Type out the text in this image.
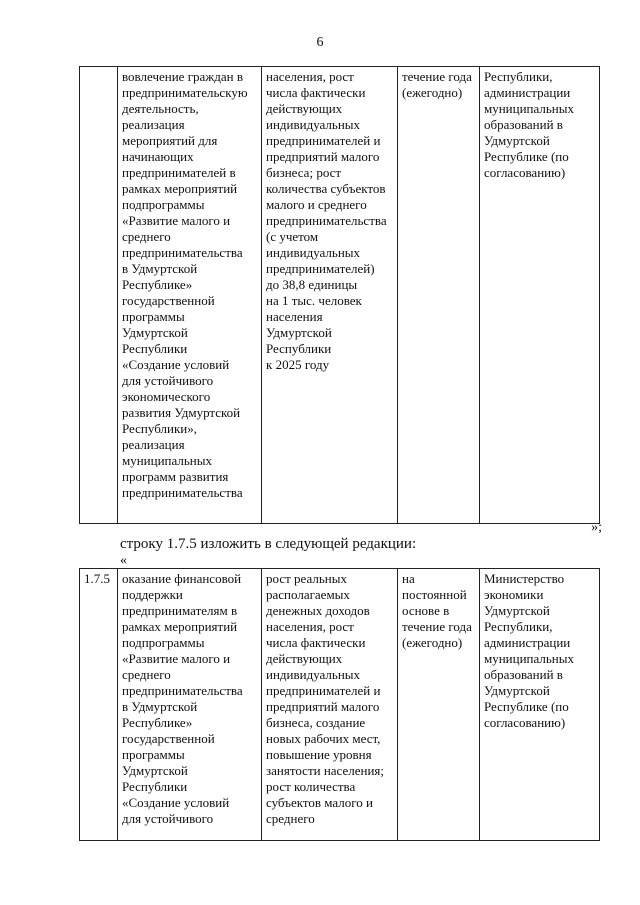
6
	вовлечение граждан в
предпринимательскую
деятельность,
реализация
мероприятий для
начинающих
предпринимателей в
рамках мероприятий
подпрограммы
«Развитие малого и
среднего
предпринимательства
в Удмуртской
Республике»
государственной
программы
Удмуртской
Республики
«Создание условий
для устойчивого
экономического
развития Удмуртской
Республики»,
реализация
муниципальных
программ развития
предпринимательства	населения, рост
числа фактически
действующих
индивидуальных
предпринимателей и
предприятий малого
бизнеса; рост
количества субъектов
малого и среднего
предпринимательства
(с учетом
индивидуальных
предпринимателей)
до 38,8 единицы
на 1 тыс. человек
населения
Удмуртской
Республики
к 2025 году	течение года
(ежегодно)	Республики,
администрации
муниципальных
образований в
Удмуртской
Республике (по
согласованию)
»;
строку 1.7.5 изложить в следующей редакции:
«
1.7.5	оказание финансовой
поддержки
предпринимателям в
рамках мероприятий
подпрограммы
«Развитие малого и
среднего
предпринимательства
в Удмуртской
Республике»
государственной
программы
Удмуртской
Республики
«Создание условий
для устойчивого	рост реальных
располагаемых
денежных доходов
населения, рост
числа фактически
действующих
индивидуальных
предпринимателей и
предприятий малого
бизнеса, создание
новых рабочих мест,
повышение уровня
занятости населения;
рост количества
субъектов малого и
среднего	на
постоянной
основе в
течение года
(ежегодно)	Министерство
экономики
Удмуртской
Республики,
администрации
муниципальных
образований в
Удмуртской
Республике (по
согласованию)
